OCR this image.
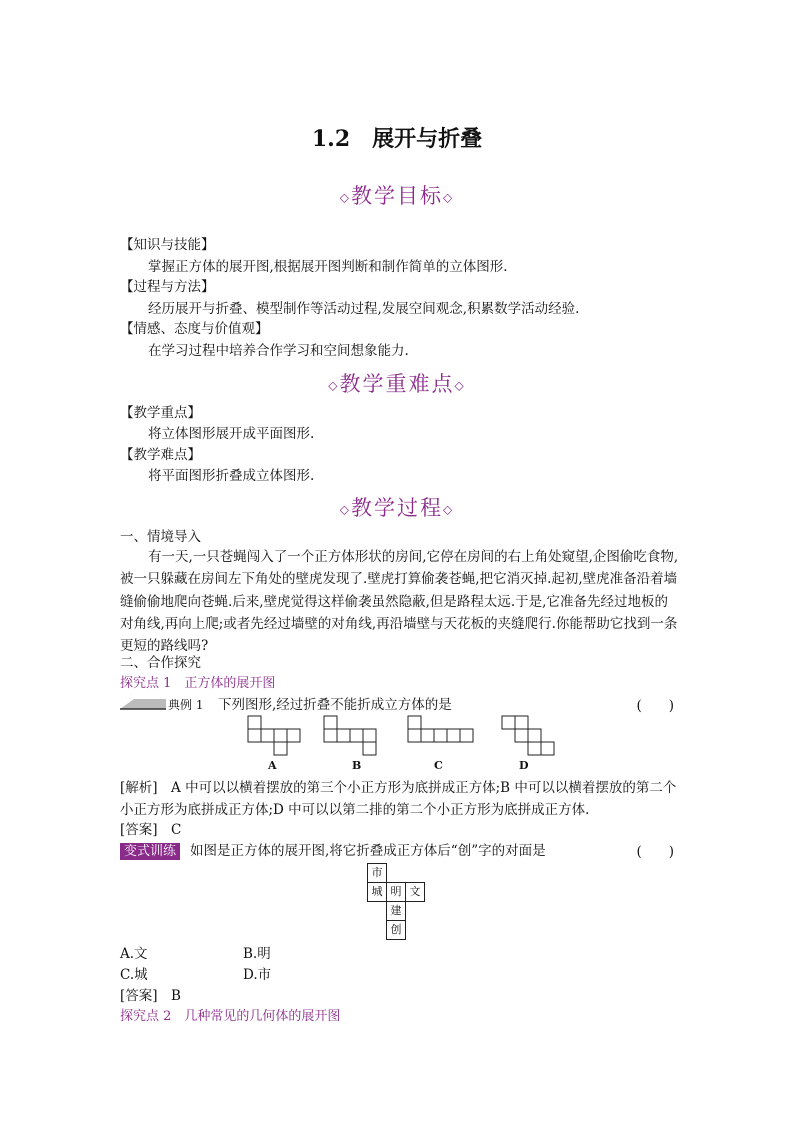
1.2　展开与折叠
◇教学目标◇
【知识与技能】
掌握正方体的展开图,根据展开图判断和制作简单的立体图形.
【过程与方法】
经历展开与折叠、模型制作等活动过程,发展空间观念,积累数学活动经验.
【情感、态度与价值观】
在学习过程中培养合作学习和空间想象能力.
◇教学重难点◇
【教学重点】
将立体图形展开成平面图形.
【教学难点】
将平面图形折叠成立体图形.
◇教学过程◇
一、情境导入
有一天,一只苍蝇闯入了一个正方体形状的房间,它停在房间的右上角处窥望,企图偷吃食物,被一只躲藏在房间左下角处的壁虎发现了.壁虎打算偷袭苍蝇,把它消灭掉.起初,壁虎准备沿着墙缝偷偷地爬向苍蝇.后来,壁虎觉得这样偷袭虽然隐蔽,但是路程太远.于是,它准备先经过地板的对角线,再向上爬;或者先经过墙壁的对角线,再沿墙壁与天花板的夹缝爬行.你能帮助它找到一条更短的路线吗?
二、合作探究
探究点 1　正方体的展开图
典例 1 下列图形,经过折叠不能折成立方体的是	(　　)
A	B	C	D
[解析]　A 中可以以横着摆放的第三个小正方形为底拼成正方体;B 中可以以横着摆放的第二个小正方形为底拼成正方体;D 中可以以第二排的第二个小正方形为底拼成正方体.
[答案]　C
变式训练 如图是正方体的展开图,将它折叠成正方体后“创”字的对面是	(　　)
市
城 明 文
建
创
A.文	B.明
C.城	D.市
[答案]　B
探究点 2　几种常见的几何体的展开图
